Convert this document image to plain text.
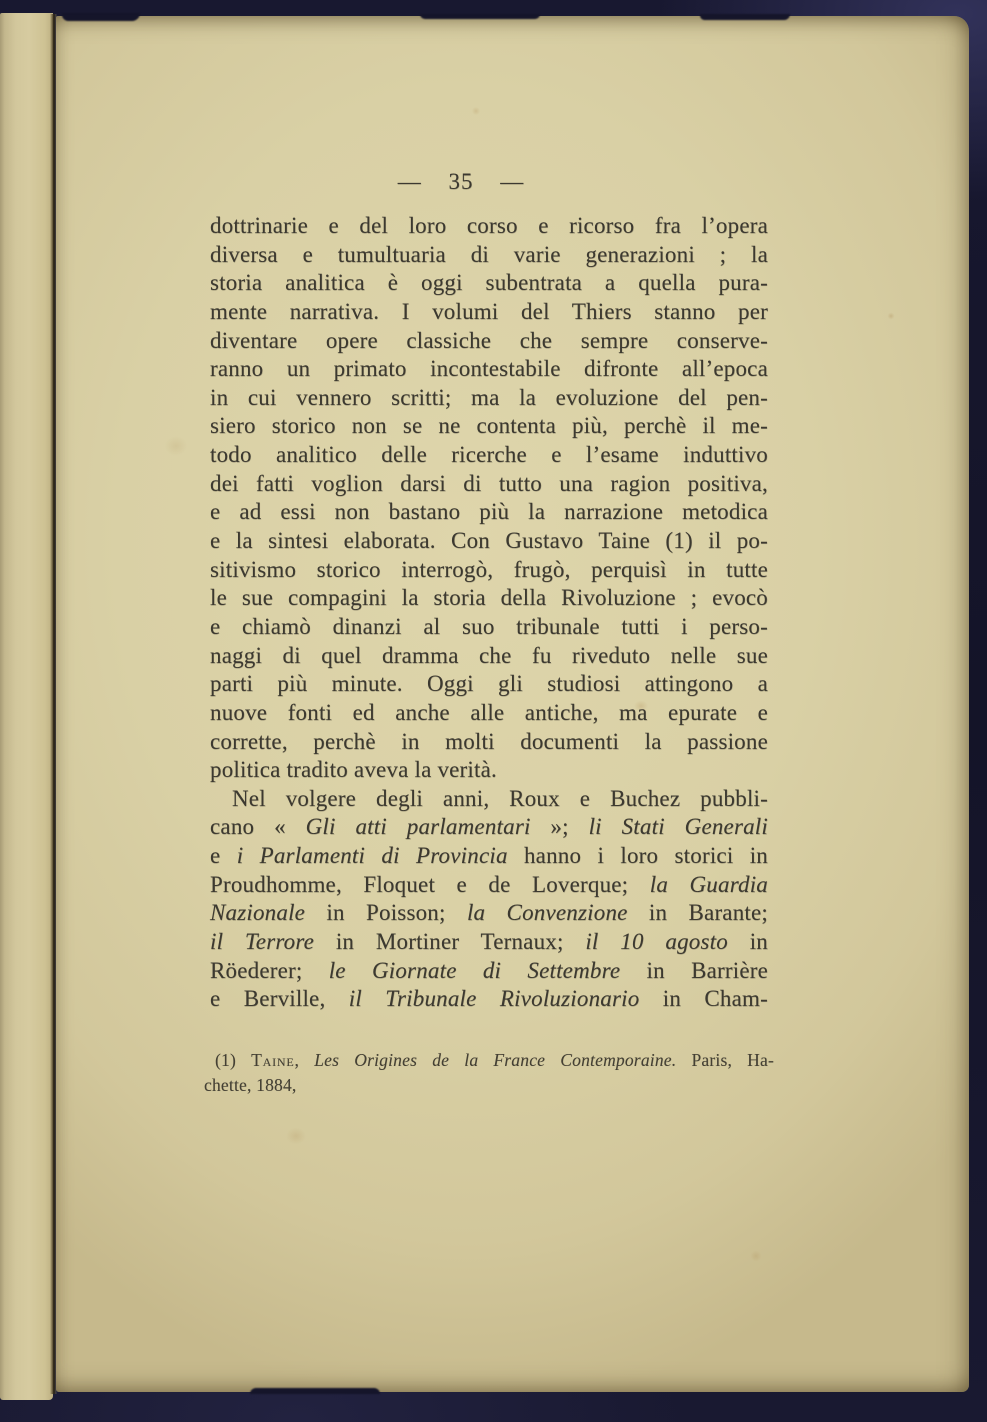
— 35 —
dottrinarie e del loro corso e ricorso fra l’opera
diversa e tumultuaria di varie generazioni ; la
storia analitica è oggi subentrata a quella pura-
mente narrativa. I volumi del Thiers stanno per
diventare opere classiche che sempre conserve-
ranno un primato incontestabile difronte all’epoca
in cui vennero scritti; ma la evoluzione del pen-
siero storico non se ne contenta più, perchè il me-
todo analitico delle ricerche e l’esame induttivo
dei fatti voglion darsi di tutto una ragion positiva,
e ad essi non bastano più la narrazione metodica
e la sintesi elaborata. Con Gustavo Taine (1) il po-
sitivismo storico interrogò, frugò, perquisì in tutte
le sue compagini la storia della Rivoluzione ; evocò
e chiamò dinanzi al suo tribunale tutti i perso-
naggi di quel dramma che fu riveduto nelle sue
parti più minute. Oggi gli studiosi attingono a
nuove fonti ed anche alle antiche, ma epurate e
corrette, perchè in molti documenti la passione
politica tradito aveva la verità.
Nel volgere degli anni, Roux e Buchez pubbli-
cano « Gli atti parlamentari »; li Stati Generali
e i Parlamenti di Provincia hanno i loro storici in
Proudhomme, Floquet e de Loverque; la Guardia
Nazionale in Poisson; la Convenzione in Barante;
il Terrore in Mortiner Ternaux; il 10 agosto in
Röederer; le Giornate di Settembre in Barrière
e Berville, il Tribunale Rivoluzionario in Cham-
(1) Taine, Les Origines de la France Contemporaine. Paris, Ha-
chette, 1884,
